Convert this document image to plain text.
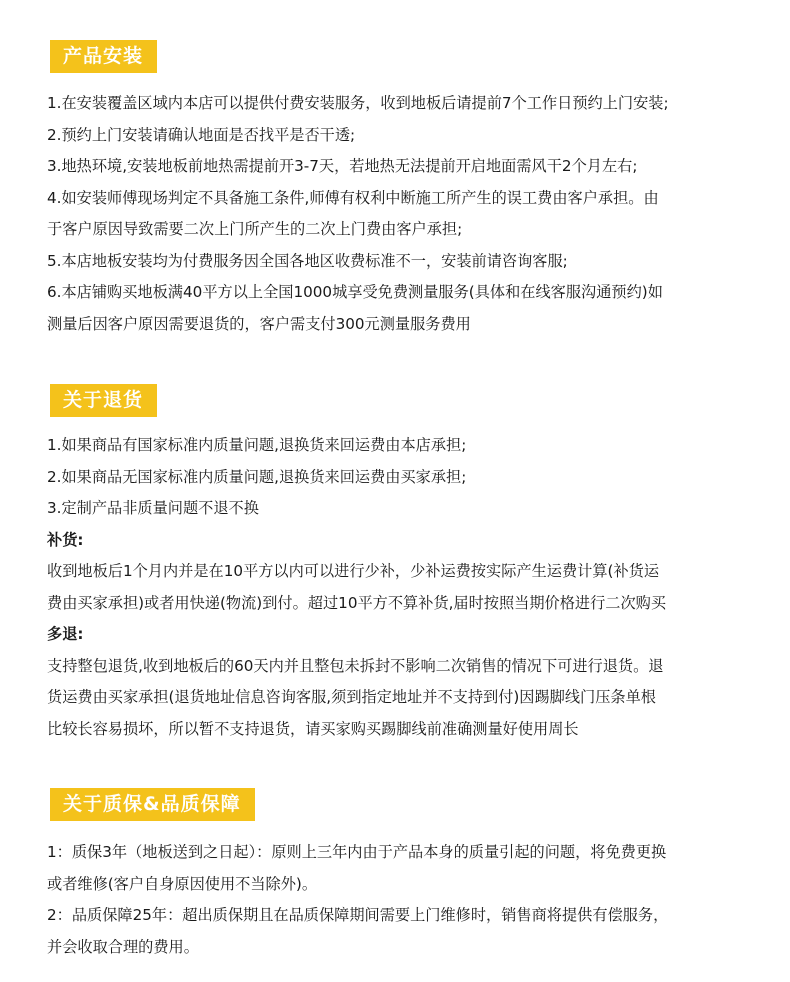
产品安装
1.在安装覆盖区域内本店可以提供付费安装服务，收到地板后请提前7个工作日预约上门安装;
2.预约上门安装请确认地面是否找平是否干透;
3.地热环境,安装地板前地热需提前开3-7天，若地热无法提前开启地面需风干2个月左右;
4.如安装师傅现场判定不具备施工条件,师傅有权利中断施工所产生的误工费由客户承担。由
于客户原因导致需要二次上门所产生的二次上门费由客户承担;
5.本店地板安装均为付费服务因全国各地区收费标准不一，安装前请咨询客服;
6.本店铺购买地板满40平方以上全国1000城享受免费测量服务(具体和在线客服沟通预约)如
测量后因客户原因需要退货的，客户需支付300元测量服务费用
关于退货
1.如果商品有国家标准内质量问题,退换货来回运费由本店承担;
2.如果商品无国家标准内质量问题,退换货来回运费由买家承担;
3.定制产品非质量问题不退不换
补货:
收到地板后1个月内并是在10平方以内可以进行少补，少补运费按实际产生运费计算(补货运
费由买家承担)或者用快递(物流)到付。超过10平方不算补货,届时按照当期价格进行二次购买
多退:
支持整包退货,收到地板后的60天内并且整包未拆封不影响二次销售的情况下可进行退货。退
货运费由买家承担(退货地址信息咨询客服,须到指定地址并不支持到付)因踢脚线门压条单根
比较长容易损坏，所以暂不支持退货，请买家购买踢脚线前准确测量好使用周长
关于质保&品质保障
1：质保3年（地板送到之日起）：原则上三年内由于产品本身的质量引起的问题，将免费更换
或者维修(客户自身原因使用不当除外)。
2：品质保障25年：超出质保期且在品质保障期间需要上门维修时，销售商将提供有偿服务，
并会收取合理的费用。
